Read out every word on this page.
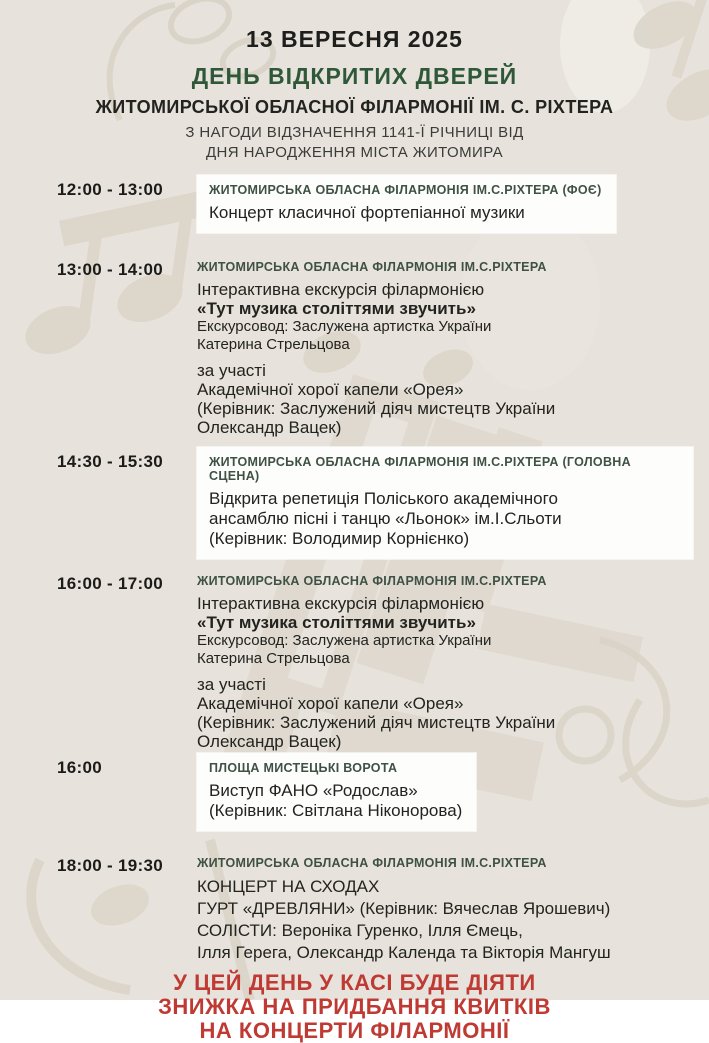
13 ВЕРЕСНЯ 2025
ДЕНЬ ВІДКРИТИХ ДВЕРЕЙ
ЖИТОМИРСЬКОЇ ОБЛАСНОЇ ФІЛАРМОНІЇ ІМ. С. РІХТЕРА
З НАГОДИ ВІДЗНАЧЕННЯ 1141-Ї РІЧНИЦІ ВІД
ДНЯ НАРОДЖЕННЯ МІСТА ЖИТОМИРА
12:00 - 13:00	ЖИТОМИРСЬКА ОБЛАСНА ФІЛАРМОНІЯ ІМ.С.РІХТЕРА (ФОЄ)
Концерт класичної фортепіанної музики
13:00 - 14:00	ЖИТОМИРСЬКА ОБЛАСНА ФІЛАРМОНІЯ ІМ.С.РІХТЕРА
Інтерактивна екскурсія філармонією
«Тут музика століттями звучить»
Екскурсовод: Заслужена артистка України
Катерина Стрельцова
за участі
Академічної хорої капели «Орея»
(Керівник: Заслужений діяч мистецтв України
Олександр Вацек)
14:30 - 15:30	ЖИТОМИРСЬКА ОБЛАСНА ФІЛАРМОНІЯ ІМ.С.РІХТЕРА (ГОЛОВНА СЦЕНА)
Відкрита репетиція Поліського академічного
ансамблю пісні і танцю «Льонок» ім.І.Сльоти
(Керівник: Володимир Корнієнко)
16:00 - 17:00	ЖИТОМИРСЬКА ОБЛАСНА ФІЛАРМОНІЯ ІМ.С.РІХТЕРА
Інтерактивна екскурсія філармонією
«Тут музика століттями звучить»
Екскурсовод: Заслужена артистка України
Катерина Стрельцова
за участі
Академічної хорої капели «Орея»
(Керівник: Заслужений діяч мистецтв України
Олександр Вацек)
16:00	ПЛОЩА МИСТЕЦЬКІ ВОРОТА
Виступ ФАНО «Родослав»
(Керівник: Світлана Ніконорова)
18:00 - 19:30	ЖИТОМИРСЬКА ОБЛАСНА ФІЛАРМОНІЯ ІМ.С.РІХТЕРА
КОНЦЕРТ НА СХОДАХ
ГУРТ «ДРЕВЛЯНИ» (Керівник: Вячеслав Ярошевич)
СОЛІСТИ: Вероніка Гуренко, Ілля Ємець,
Ілля Герега, Олександр Календа та Вікторія Мангуш
У ЦЕЙ ДЕНЬ У КАСІ БУДЕ ДІЯТИ
ЗНИЖКА НА ПРИДБАННЯ КВИТКІВ
НА КОНЦЕРТИ ФІЛАРМОНІЇ
